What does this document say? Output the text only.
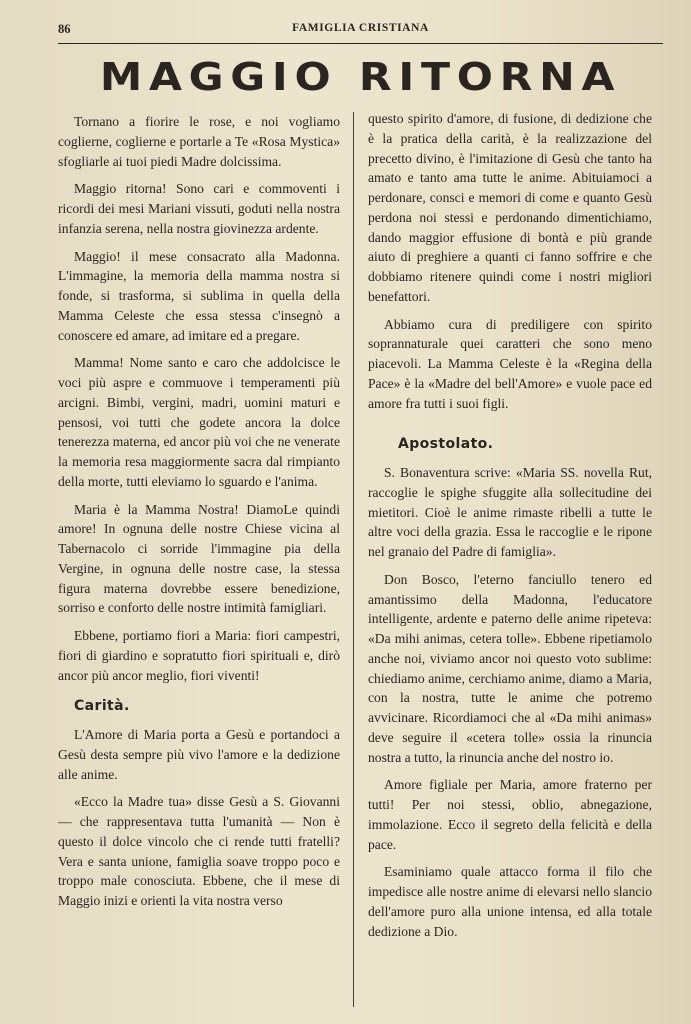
86	FAMIGLIA CRISTIANA
MAGGIO RITORNA

Tornano a fiorire le rose, e noi vogliamo coglierne, coglierne e portarle a Te «Rosa Mystica» sfogliarle ai tuoi piedi Madre dolcissima.

Maggio ritorna! Sono cari e commoventi i ricordi dei mesi Mariani vissuti, goduti nella nostra infanzia serena, nella nostra giovinezza ardente.

Maggio! il mese consacrato alla Madonna. L'immagine, la memoria della mamma nostra si fonde, si trasforma, si sublima in quella della Mamma Celeste che essa stessa c'insegnò a conoscere ed amare, ad imitare ed a pregare.

Mamma! Nome santo e caro che addolcisce le voci più aspre e commuove i temperamenti più arcigni. Bimbi, vergini, madri, uomini maturi e pensosi, voi tutti che godete ancora la dolce tenerezza materna, ed ancor più voi che ne venerate la memoria resa maggiormente sacra dal rimpianto della morte, tutti eleviamo lo sguardo e l'anima.

Maria è la Mamma Nostra! DiamoLe quindi amore! In ognuna delle nostre Chiese vicina al Tabernacolo ci sorride l'immagine pia della Vergine, in ognuna delle nostre case, la stessa figura materna dovrebbe essere benedizione, sorriso e conforto delle nostre intimità famigliari.

Ebbene, portiamo fiori a Maria: fiori campestri, fiori di giardino e sopratutto fiori spirituali e, dirò ancor più ancor meglio, fiori viventi!

Carità.

L'Amore di Maria porta a Gesù e portandoci a Gesù desta sempre più vivo l'amore e la dedizione alle anime.

«Ecco la Madre tua» disse Gesù a S. Giovanni — che rappresentava tutta l'umanità — Non è questo il dolce vincolo che ci rende tutti fratelli? Vera e santa unione, famiglia soave troppo poco e troppo male conosciuta. Ebbene, che il mese di Maggio inizi e orienti la vita nostra verso

questo spirito d'amore, di fusione, di dedizione che è la pratica della carità, è la realizzazione del precetto divino, è l'imitazione di Gesù che tanto ha amato e tanto ama tutte le anime. Abituiamoci a perdonare, consci e memori di come e quanto Gesù perdona noi stessi e perdonando dimentichiamo, dando maggior effusione di bontà e più grande aiuto di preghiere a quanti ci fanno soffrire e che dobbiamo ritenere quindi come i nostri migliori benefattori.

Abbiamo cura di prediligere con spirito soprannaturale quei caratteri che sono meno piacevoli. La Mamma Celeste è la «Regina della Pace» è la «Madre del bell'Amore» e vuole pace ed amore fra tutti i suoi figli.

Apostolato.

S. Bonaventura scrive: «Maria SS. novella Rut, raccoglie le spighe sfuggite alla sollecitudine dei mietitori. Cioè le anime rimaste ribelli a tutte le altre voci della grazia. Essa le raccoglie e le ripone nel granaio del Padre di famiglia».

Don Bosco, l'eterno fanciullo tenero ed amantissimo della Madonna, l'educatore intelligente, ardente e paterno delle anime ripeteva: «Da mihi animas, cetera tolle». Ebbene ripetiamolo anche noi, viviamo ancor noi questo voto sublime: chiediamo anime, cerchiamo anime, diamo a Maria, con la nostra, tutte le anime che potremo avvicinare. Ricordiamoci che al «Da mihi animas» deve seguire il «cetera tolle» ossia la rinuncia nostra a tutto, la rinuncia anche del nostro io.

Amore figliale per Maria, amore fraterno per tutti! Per noi stessi, oblio, abnegazione, immolazione. Ecco il segreto della felicità e della pace.

Esaminiamo quale attacco forma il filo che impedisce alle nostre anime di elevarsi nello slancio dell'amore puro alla unione intensa, ed alla totale dedizione a Dio.
